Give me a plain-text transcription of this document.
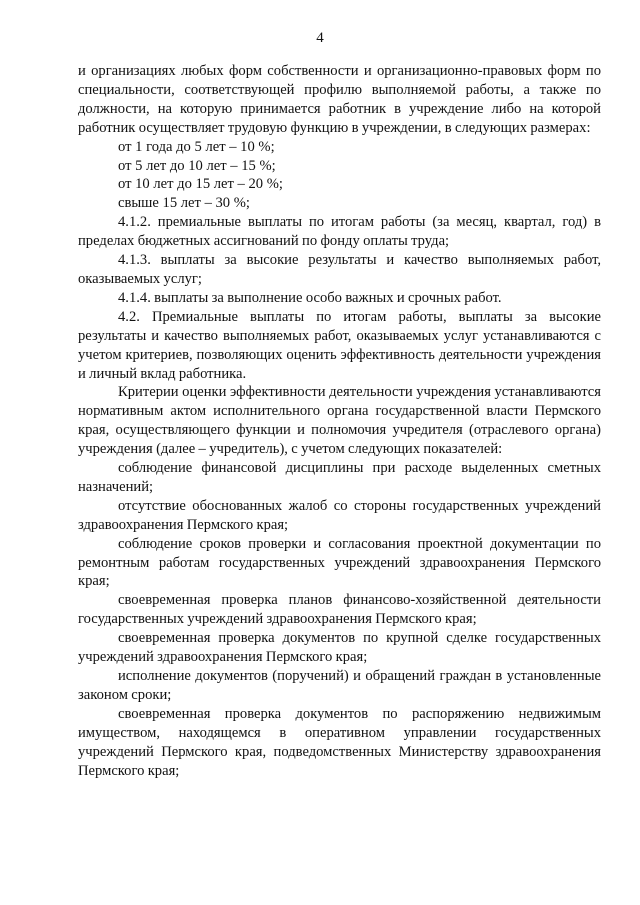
4

и организациях любых форм собственности и организационно-правовых форм по специальности, соответствующей профилю выполняемой работы, а также по должности, на которую принимается работник в учреждение либо на которой работник осуществляет трудовую функцию в учреждении, в следующих размерах:

от 1 года до 5 лет – 10 %;

от 5 лет до 10 лет – 15 %;

от 10 лет до 15 лет – 20 %;

свыше 15 лет – 30 %;

4.1.2. премиальные выплаты по итогам работы (за месяц, квартал, год) в пределах бюджетных ассигнований по фонду оплаты труда;

4.1.3. выплаты за высокие результаты и качество выполняемых работ, оказываемых услуг;

4.1.4. выплаты за выполнение особо важных и срочных работ.

4.2. Премиальные выплаты по итогам работы, выплаты за высокие результаты и качество выполняемых работ, оказываемых услуг устанавливаются с учетом критериев, позволяющих оценить эффективность деятельности учреждения и личный вклад работника.

Критерии оценки эффективности деятельности учреждения устанавливаются нормативным актом исполнительного органа государственной власти Пермского края, осуществляющего функции и полномочия учредителя (отраслевого органа) учреждения (далее – учредитель), с учетом следующих показателей:

соблюдение финансовой дисциплины при расходе выделенных сметных назначений;

отсутствие обоснованных жалоб со стороны государственных учреждений здравоохранения Пермского края;

соблюдение сроков проверки и согласования проектной документации по ремонтным работам государственных учреждений здравоохранения Пермского края;

своевременная проверка планов финансово-хозяйственной деятельности государственных учреждений здравоохранения Пермского края;

своевременная проверка документов по крупной сделке государственных учреждений здравоохранения Пермского края;

исполнение документов (поручений) и обращений граждан в установленные законом сроки;

своевременная проверка документов по распоряжению недвижимым имуществом, находящемся в оперативном управлении государственных учреждений Пермского края, подведомственных Министерству здравоохранения Пермского края;
